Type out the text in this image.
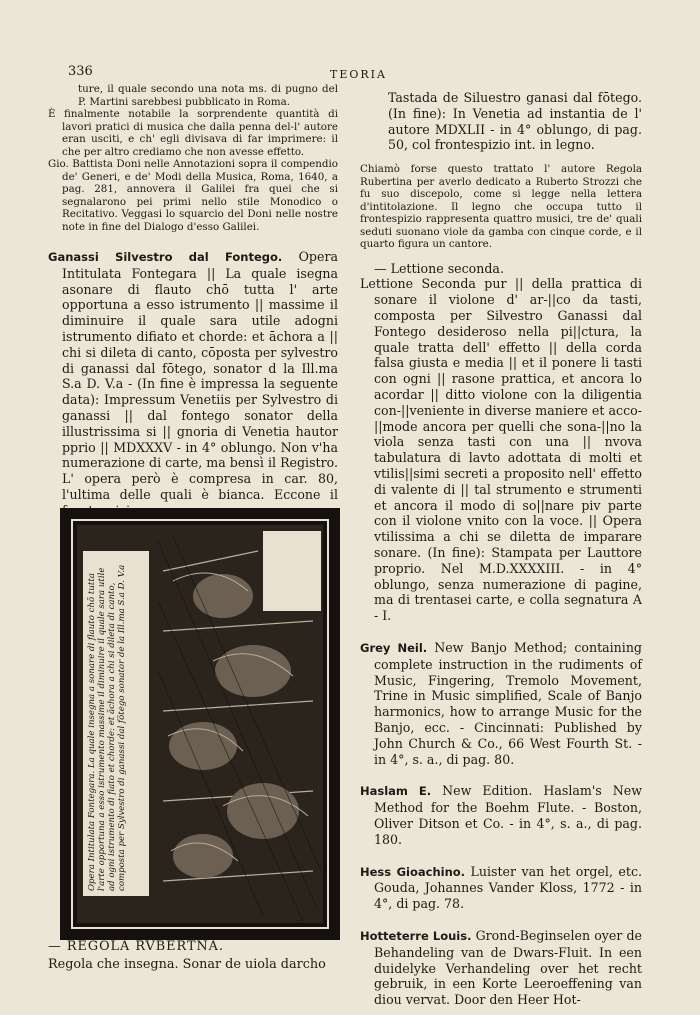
336	TEORIA

ture, il quale secondo una nota ms. di pugno del P. Martini sarebbesi pubblicato in Roma.

È finalmente notabile la sorprendente quantità di lavori pratici di musica che dalla penna del-l' autore eran usciti, e ch' egli divisava di far imprimere: il che per altro crediamo che non avesse effetto.

Gio. Battista Doni nelle Annotazioni sopra il compendio de' Generi, e de' Modi della Musica, Roma, 1640, a pag. 281, annovera il Galilei fra quei che si segnalarono pei primi nello stile Monodico o Recitativo. Veggasi lo squarcio del Doni nelle nostre note in fine del Dialogo d'esso Galilei.

Ganassi Silvestro dal Fontego. Opera Intitulata Fontegara || La quale isegna asonare di flauto chō tutta l' arte opportuna a esso istrumento || massime il diminuire il quale sara utile adogni istrumento difiato et chorde: et āchora a || chi si dileta di canto, cōposta per sylvestro di ganassi dal fōtego, sonator d la Ill.ma S.a D. V.a - (In fine è impressa la seguente data): Impressum Venetiis per Sylvestro di ganassi || dal fontego sonator della illustrissima si || gnoria di Venetia hautor pprio || MDXXXV - in 4° oblungo. Non v'ha numerazione di carte, ma bensì il Registro. L' opera però è compresa in car. 80, l'ultima delle quali è bianca. Eccone il

Opera Intitulata Fontegara. La quale insegna a sonare di flauto chō tutta l'arte opportuna a esso istrumento massime il diminuire il quale sara utile ad ogni istrumento di fiato et chorde: et āchora a chi si dileta di canto, composta per Sylvestro di ganassi dal fōtego sonator de la Ill.ma S.a D. V.a
— REGOLA RVBERTNA.
Regola che insegna. Sonar de uiola darcho

Tastada de Siluestro ganasi dal fōtego. (In fine): In Venetia ad instantia de l' autore MDXLII - in 4° oblungo, di pag. 50, col frontespizio int. in legno.

Chiamò forse questo trattato l' autore Regola Rubertina per averlo dedicato a Ruberto Strozzi che fu suo discepolo, come si legge nella lettera d'intitolazione. Il legno che occupa tutto il frontespizio rappresenta quattro musici, tre de' quali seduti suonano viole da gamba con cinque corde, e il quarto figura un cantore.

— Lettione seconda.

Lettione Seconda pur || della prattica di sonare il violone d' ar-||co da tasti, composta per Silvestro Ganassi dal Fontego desideroso nella pi||ctura, la quale tratta dell' effetto || della corda falsa giusta e media || et il ponere li tasti con ogni || rasone prattica, et ancora lo acordar || ditto violone con la diligentia con-||veniente in diverse maniere et acco-||mode ancora per quelli che sona-||no la viola senza tasti con una || nvova tabulatura di lavto adottata di molti et vtilis||simi secreti a proposito nell' effetto di valente di || tal strumento e strumenti et ancora il modo di so||nare piv parte con il violone vnito con la voce. || Opera vtilissima a chi se diletta de imparare sonare. (In fine): Stampata per Lauttore proprio. Nel M.D.XXXXIII. - in 4° oblungo, senza numerazione di pagine, ma di trentasei carte, e colla segnatura A - I.

Grey Neil. New Banjo Method; containing complete instruction in the rudiments of Music, Fingering, Tremolo Movement, Trine in Music simplified, Scale of Banjo harmonics, how to arrange Music for the Banjo, ecc. - Cincinnati: Published by John Church & Co., 66 West Fourth St. - in 4°, s. a., di pag. 80.

Haslam E. New Edition. Haslam's New Method for the Boehm Flute. - Boston, Oliver Ditson et Co. - in 4°, s. a., di pag. 180.

Hess Gioachino. Luister van het orgel, etc. Gouda, Johannes Vander Kloss, 1772 - in 4°, di pag. 78.

Hotteterre Louis. Grond-Beginselen oyer de Behandeling van de Dwars-Fluit. In een duidelyke Verhandeling over het recht gebruik, in een Korte Leeroeffening van diou vervat. Door den Heer Hot-
